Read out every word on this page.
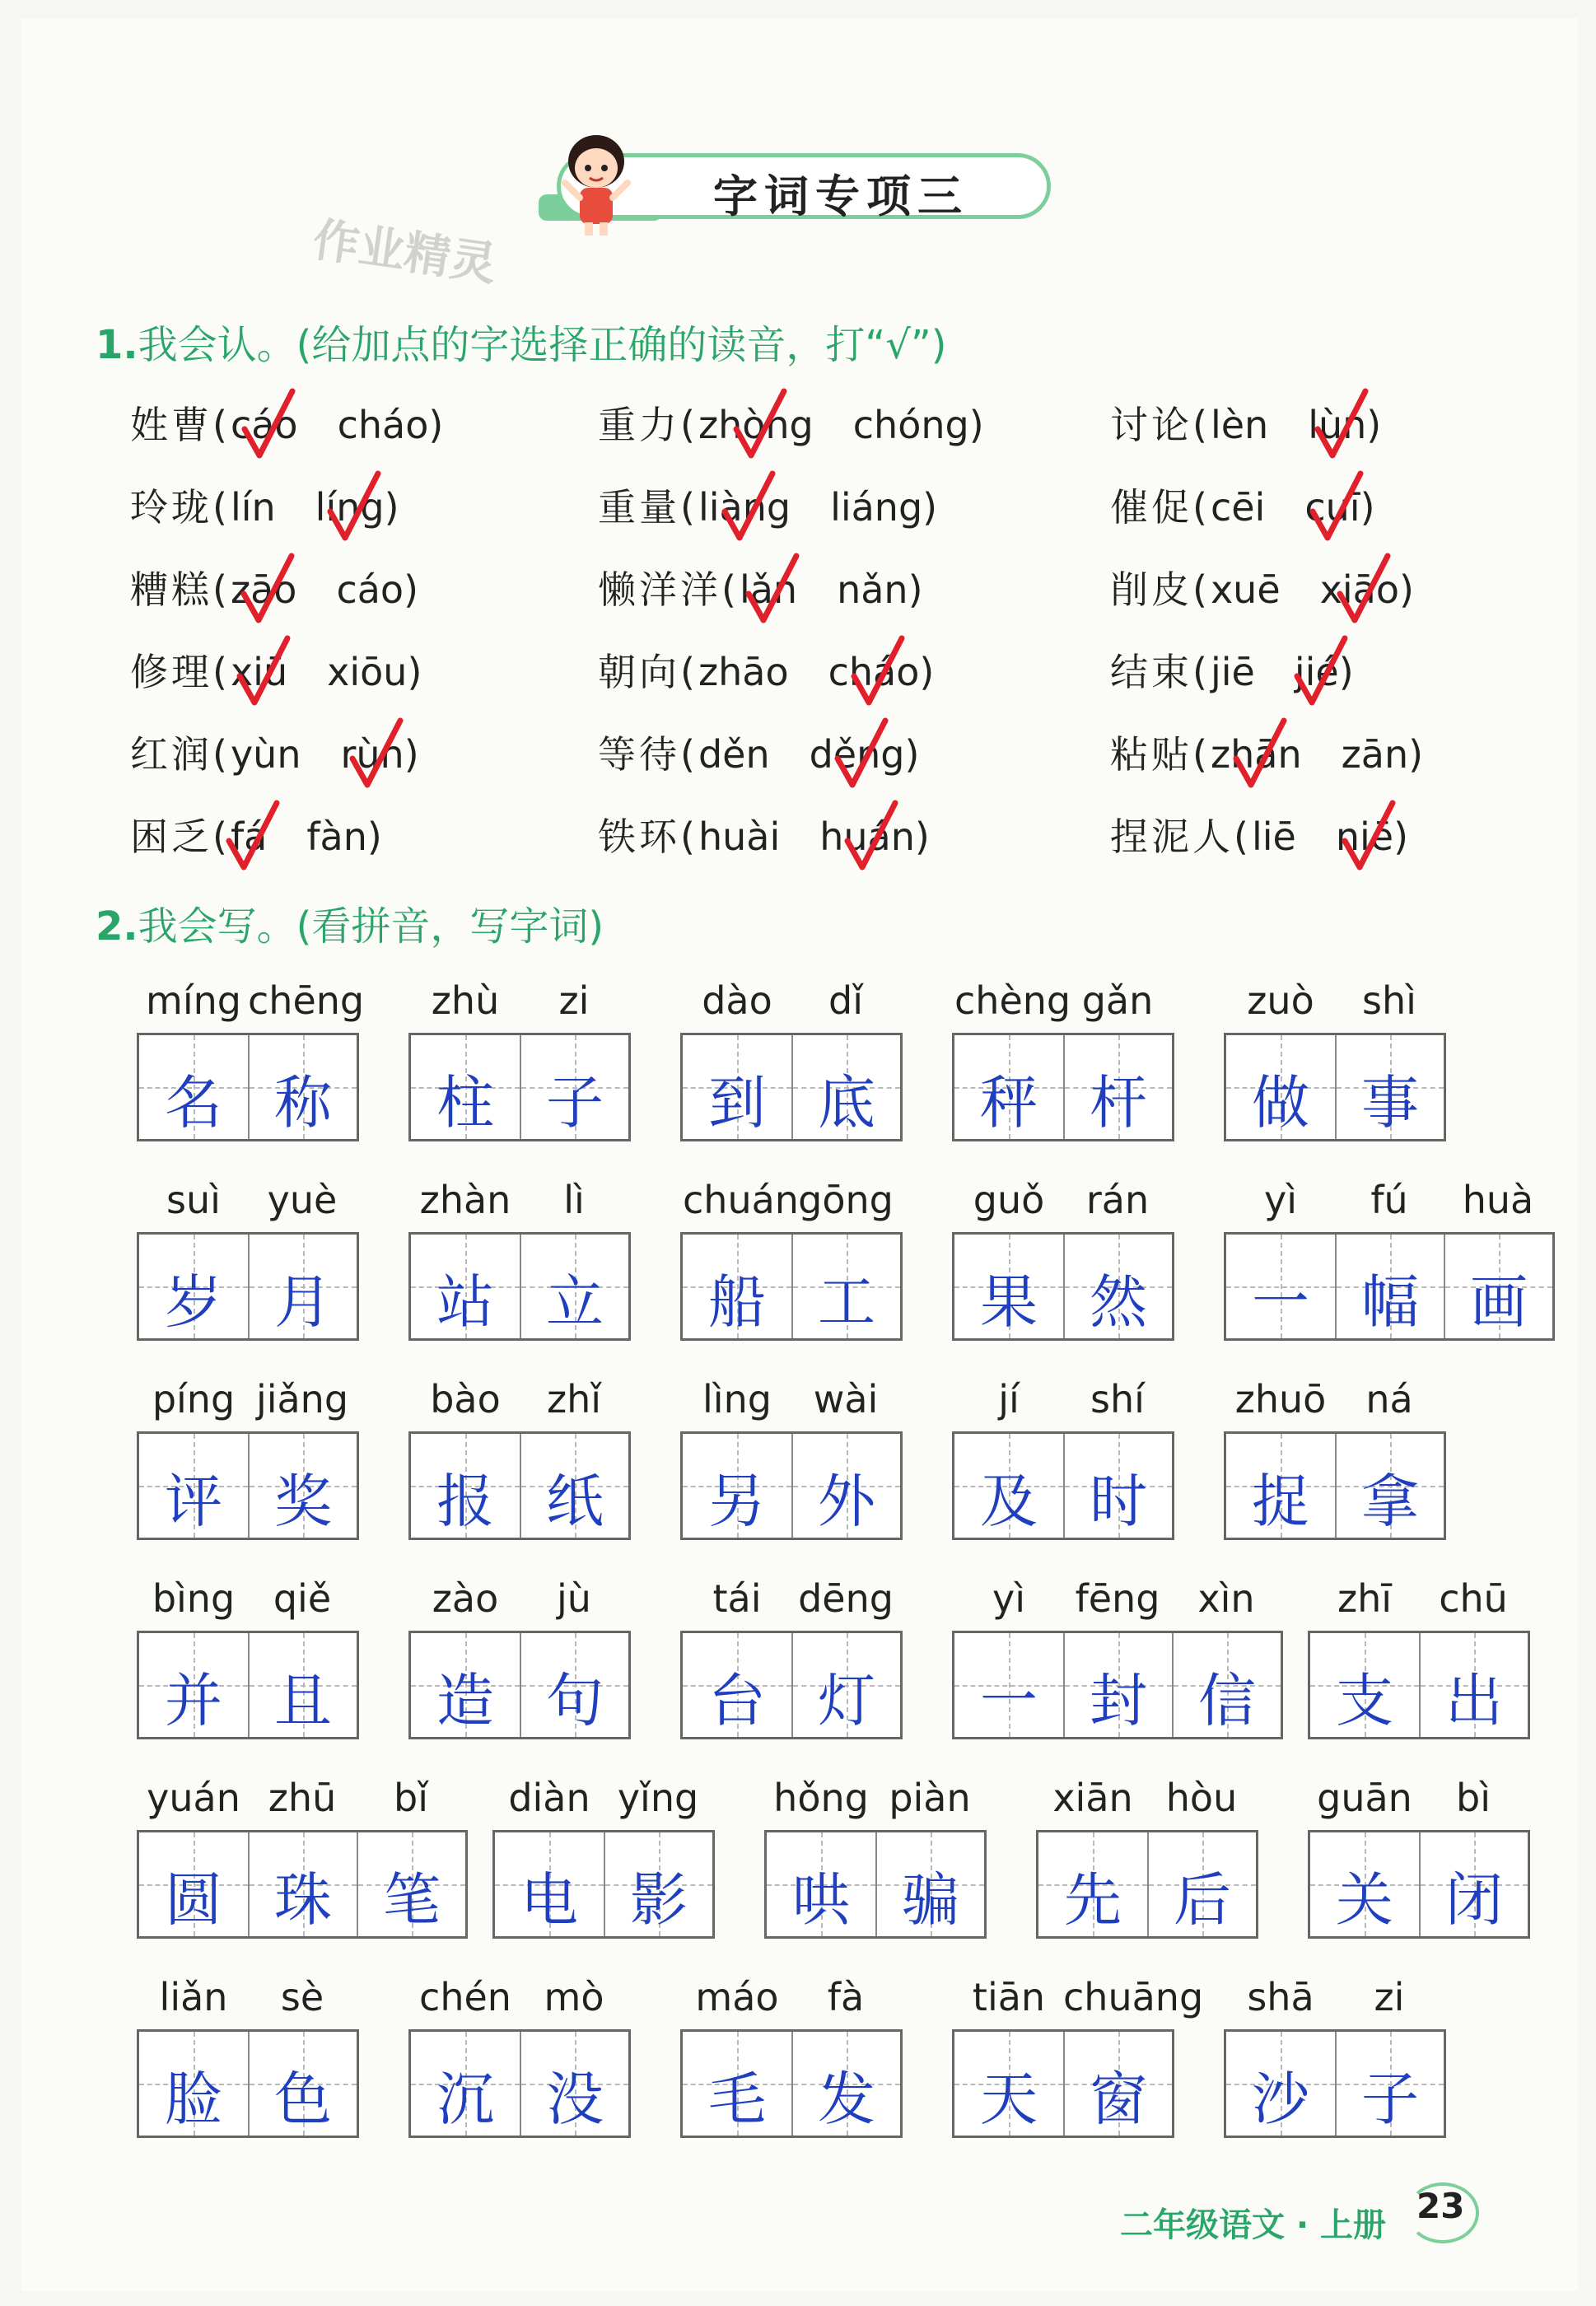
字词专项三
作业精灵
1.我会认。(给加点的字选择正确的读音，打“√”)
姓曹(cáo cháo)	重力(zhòng chóng)	讨论(lèn lùn)
玲珑(lín líng)	重量(liàng liáng)	催促(cēi cuī)
糟糕(zāo cáo)	懒洋洋(lǎn nǎn)	削皮(xuē xiāo)
修理(xiū xiōu)	朝向(zhāo cháo)	结束(jiē jié)
红润(yùn rùn)	等待(děn děng)	粘贴(zhān zān)
困乏(fá fàn)	铁环(huài huán)	捏泥人(liē niē)
2.我会写。(看拼音，写字词)
míng chēng
名 称
zhù	zi
柱 子
dào	dǐ
到 底
chèng gǎn
秤 杆
zuò	shì
做 事
suì	yuè
岁 月
zhàn	lì
站 立
chuán gōng
船 工
guǒ	rán
果 然
yì	fú	huà
一 幅 画
píng jiǎng
评 奖
bào	zhǐ
报 纸
lìng	wài
另 外
jí	shí
及 时
zhuō	ná
捉 拿
bìng	qiě
并 且
zào	jù
造 句
tái dēng
台 灯
yì	fēng xìn
一 封 信
zhī	chū
支 出
yuán zhū	bǐ
圆 珠 笔
diàn yǐng
电 影
hǒng piàn
哄 骗
xiān hòu
先 后
guān	bì
关 闭
liǎn	sè
脸 色
chén mò
沉 没
máo	fà
毛 发
tiān chuāng
天 窗
shā	zi
沙 子
二年级语文 · 上册 23
